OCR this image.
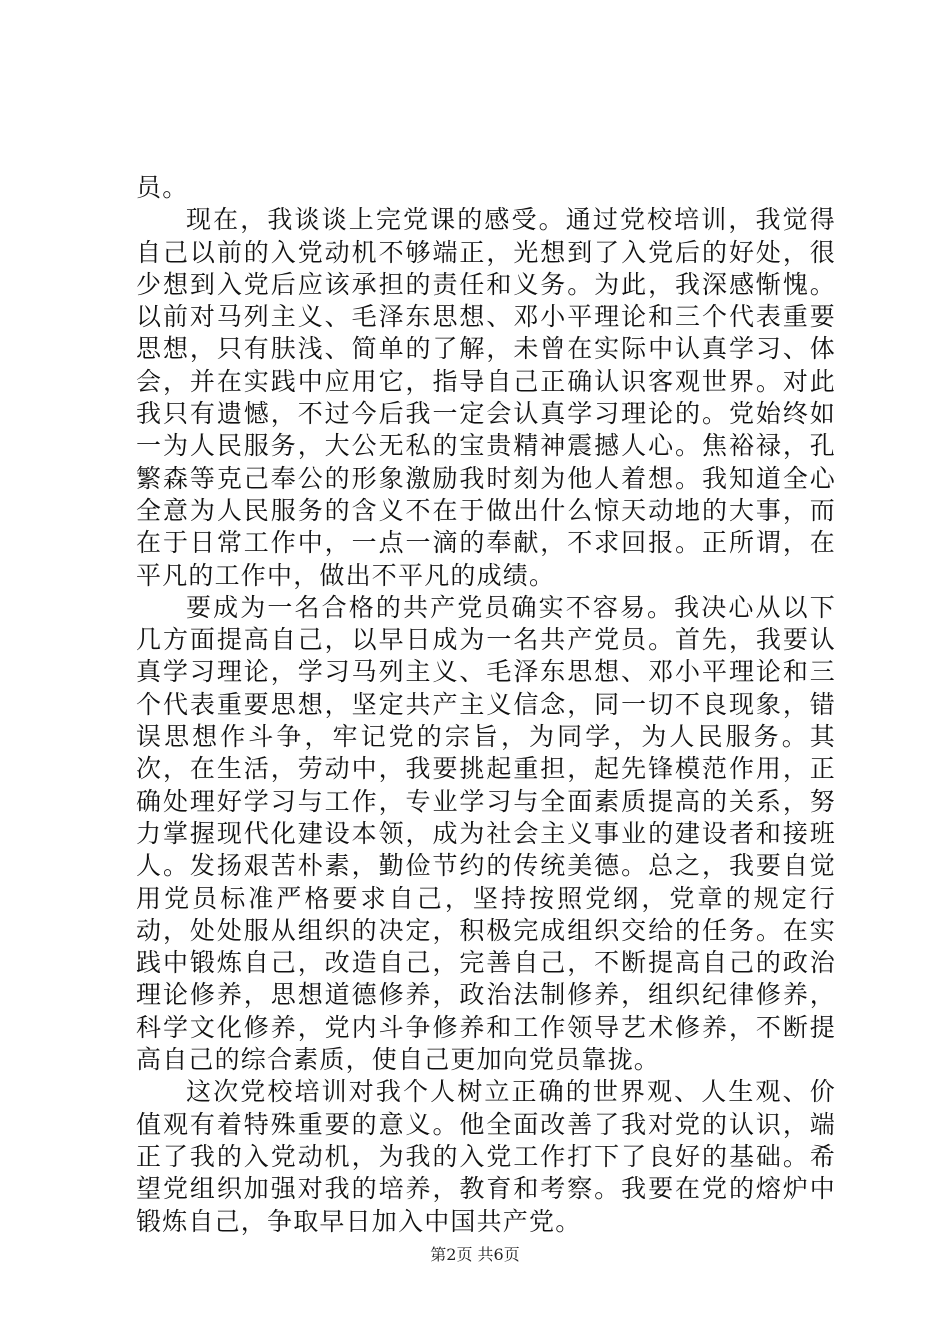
员。

现在，我谈谈上完党课的感受。通过党校培训，我觉得自己以前的入党动机不够端正，光想到了入党后的好处，很少想到入党后应该承担的责任和义务。为此，我深感惭愧。以前对马列主义、毛泽东思想、邓小平理论和三个代表重要思想，只有肤浅、简单的了解，未曾在实际中认真学习、体会，并在实践中应用它，指导自己正确认识客观世界。对此我只有遗憾，不过今后我一定会认真学习理论的。党始终如一为人民服务，大公无私的宝贵精神震撼人心。焦裕禄，孔繁森等克己奉公的形象激励我时刻为他人着想。我知道全心全意为人民服务的含义不在于做出什么惊天动地的大事，而在于日常工作中，一点一滴的奉献，不求回报。正所谓，在平凡的工作中，做出不平凡的成绩。

要成为一名合格的共产党员确实不容易。我决心从以下几方面提高自己，以早日成为一名共产党员。首先，我要认真学习理论，学习马列主义、毛泽东思想、邓小平理论和三个代表重要思想，坚定共产主义信念，同一切不良现象，错误思想作斗争，牢记党的宗旨，为同学，为人民服务。其次，在生活，劳动中，我要挑起重担，起先锋模范作用，正确处理好学习与工作，专业学习与全面素质提高的关系，努力掌握现代化建设本领，成为社会主义事业的建设者和接班人。发扬艰苦朴素，勤俭节约的传统美德。总之，我要自觉用党员标准严格要求自己，坚持按照党纲，党章的规定行动，处处服从组织的决定，积极完成组织交给的任务。在实践中锻炼自己，改造自己，完善自己，不断提高自己的政治理论修养，思想道德修养，政治法制修养，组织纪律修养，科学文化修养，党内斗争修养和工作领导艺术修养，不断提高自己的综合素质，使自己更加向党员靠拢。

这次党校培训对我个人树立正确的世界观、人生观、价值观有着特殊重要的意义。他全面改善了我对党的认识，端正了我的入党动机，为我的入党工作打下了良好的基础。希望党组织加强对我的培养，教育和考察。我要在党的熔炉中锻炼自己，争取早日加入中国共产党。

第2页 共6页
